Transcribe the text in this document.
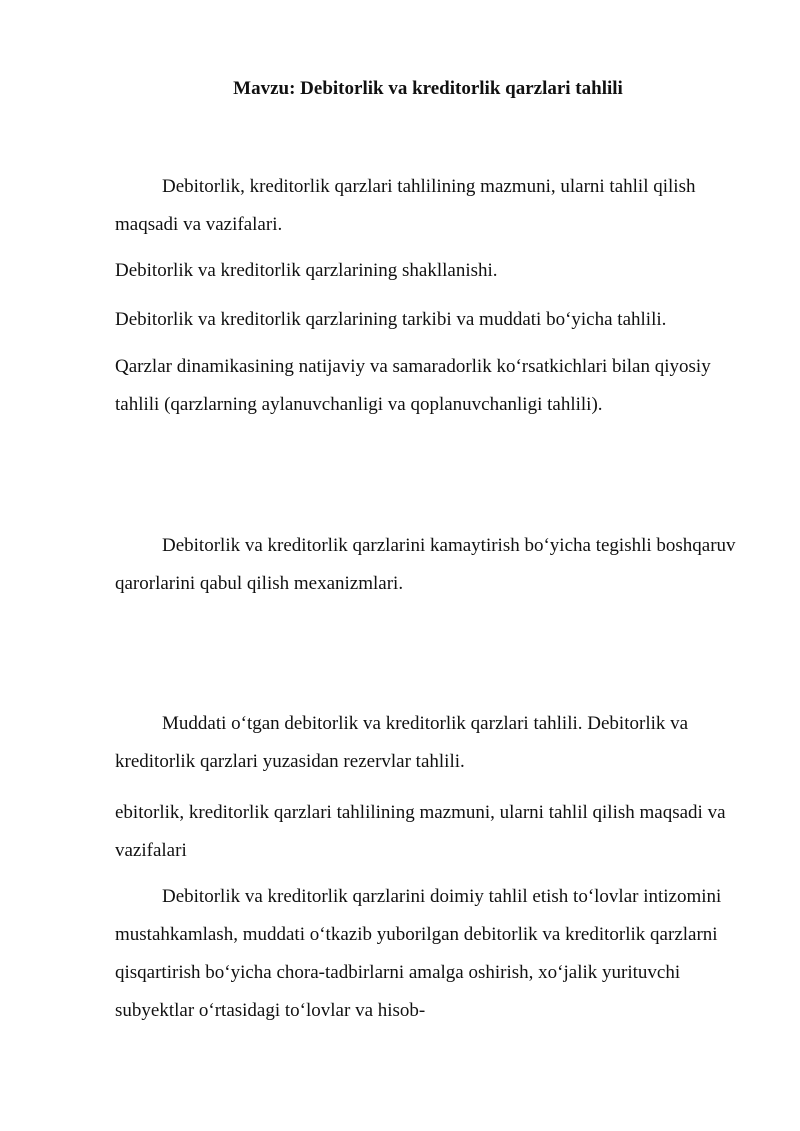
Mavzu: Debitorlik va kreditorlik qarzlari tahlili

Debitorlik, kreditorlik qarzlari tahlilining mazmuni, ularni tahlil qilish maqsadi va vazifalari.

Debitorlik va kreditorlik qarzlarining shakllanishi.

Debitorlik va kreditorlik qarzlarining tarkibi va muddati bo‘yicha tahlili.

Qarzlar dinamikasining natijaviy va samaradorlik ko‘rsatkichlari bilan qiyosiy tahlili (qarzlarning aylanuvchanligi va qoplanuvchanligi tahlili).

Debitorlik va kreditorlik qarzlarini kamaytirish bo‘yicha tegishli boshqaruv qarorlarini qabul qilish mexanizmlari.

Muddati o‘tgan debitorlik va kreditorlik qarzlari tahlili. Debitorlik va kreditorlik qarzlari yuzasidan rezervlar tahlili.

ebitorlik, kreditorlik qarzlari tahlilining mazmuni, ularni tahlil qilish maqsadi va vazifalari

Debitorlik va kreditorlik qarzlarini doimiy tahlil etish to‘lovlar intizomini mustahkamlash, muddati o‘tkazib yuborilgan debitorlik va kreditorlik qarzlarni qisqartirish bo‘yicha chora-tadbirlarni amalga oshirish, xo‘jalik yurituvchi subyektlar o‘rtasidagi to‘lovlar va hisob-
